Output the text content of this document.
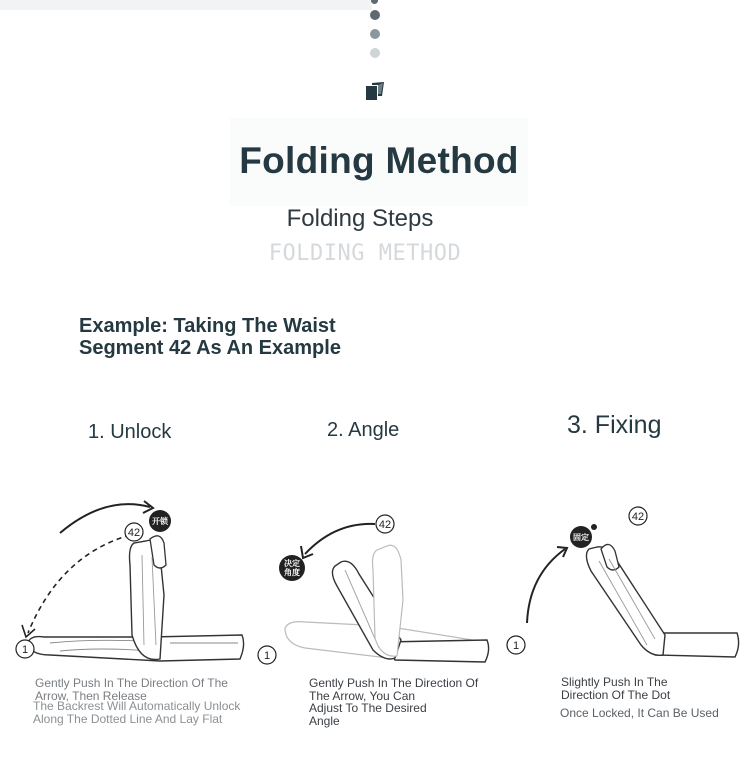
Folding Method
Folding Steps
FOLDING METHOD
Example: Taking The Waist
Segment 42 As An Example
1. Unlock	2. Angle	3. Fixing
42
开锁
1
42
决定
角度
1
42
固定
1
Gently Push In The Direction Of The
Arrow, Then Release
The Backrest Will Automatically Unlock
Along The Dotted Line And Lay Flat
Gently Push In The Direction Of
The Arrow, You Can
Adjust To The Desired
Angle
Slightly Push In The
Direction Of The Dot
Once Locked, It Can Be Used
